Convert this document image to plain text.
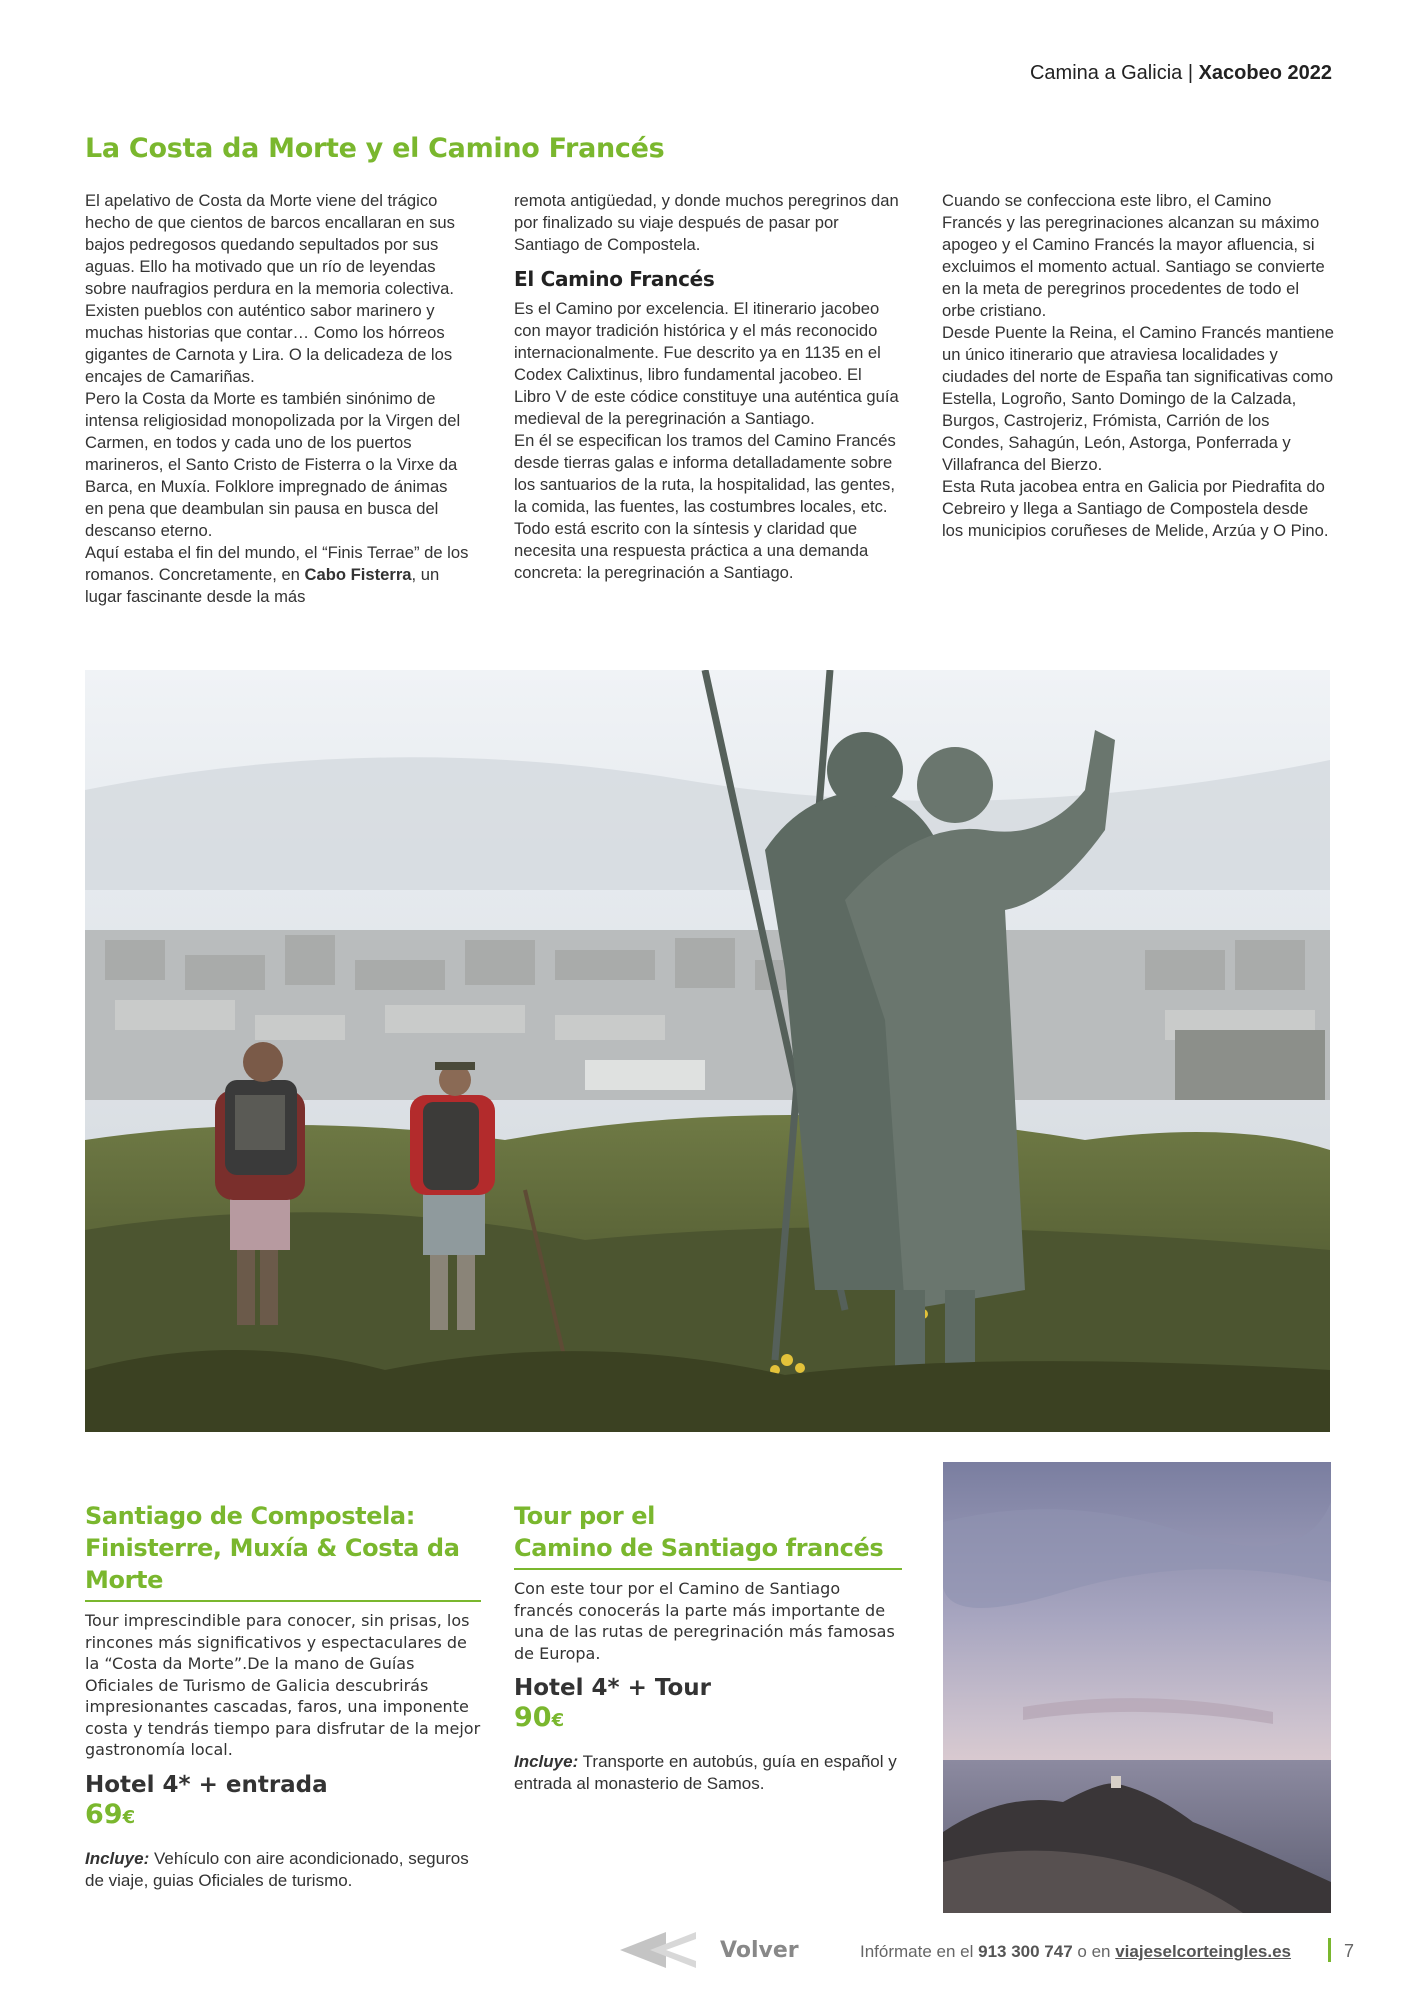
Camina a Galicia | Xacobeo 2022
La Costa da Morte y el Camino Francés

El apelativo de Costa da Morte viene del trágico hecho de que cientos de barcos encallaran en sus bajos pedregosos quedando sepultados por sus aguas. Ello ha motivado que un río de leyendas sobre naufragios perdura en la memoria colectiva.

Existen pueblos con auténtico sabor marinero y muchas historias que contar… Como los hórreos gigantes de Carnota y Lira. O la delicadeza de los encajes de Camariñas.

Pero la Costa da Morte es también sinónimo de intensa religiosidad monopolizada por la Virgen del Carmen, en todos y cada uno de los puertos marineros, el Santo Cristo de Fisterra o la Virxe da Barca, en Muxía. Folklore impregnado de ánimas en pena que deambulan sin pausa en busca del descanso eterno.

Aquí estaba el fin del mundo, el “Finis Terrae” de los romanos. Concretamente, en Cabo Fisterra, un lugar fascinante desde la más

remota antigüedad, y donde muchos peregrinos dan por finalizado su viaje después de pasar por Santiago de Compostela.

El Camino Francés

Es el Camino por excelencia. El itinerario jacobeo con mayor tradición histórica y el más reconocido internacionalmente. Fue descrito ya en 1135 en el Codex Calixtinus, libro fundamental jacobeo. El Libro V de este códice constituye una auténtica guía medieval de la peregrinación a Santiago.

En él se especifican los tramos del Camino Francés desde tierras galas e informa detalladamente sobre los santuarios de la ruta, la hospitalidad, las gentes, la comida, las fuentes, las costumbres locales, etc. Todo está escrito con la síntesis y claridad que necesita una respuesta práctica a una demanda concreta: la peregrinación a Santiago.

Cuando se confecciona este libro, el Camino Francés y las peregrinaciones alcanzan su máximo apogeo y el Camino Francés la mayor afluencia, si excluimos el momento actual. Santiago se convierte en la meta de peregrinos procedentes de todo el orbe cristiano.

Desde Puente la Reina, el Camino Francés mantiene un único itinerario que atraviesa localidades y ciudades del norte de España tan significativas como Estella, Logroño, Santo Domingo de la Calzada, Burgos, Castrojeriz, Frómista, Carrión de los Condes, Sahagún, León, Astorga, Ponferrada y Villafranca del Bierzo.

Esta Ruta jacobea entra en Galicia por Piedrafita do Cebreiro y llega a Santiago de Compostela desde los municipios coruñeses de Melide, Arzúa y O Pino.

Santiago de Compostela:
Finisterre, Muxía & Costa da Morte

Tour imprescindible para conocer, sin prisas, los rincones más significativos y espectaculares de la “Costa da Morte”.De la mano de Guías Oficiales de Turismo de Galicia descubrirás impresionantes cascadas, faros, una imponente costa y tendrás tiempo para disfrutar de la mejor gastronomía local.

Hotel 4* + entrada
69€

Incluye: Vehículo con aire acondicionado, seguros de viaje, guias Oficiales de turismo.

Tour por el
Camino de Santiago francés

Con este tour por el Camino de Santiago francés conocerás la parte más importante de una de las rutas de peregrinación más famosas de Europa.

Hotel 4* + Tour
90€

Incluye: Transporte en autobús, guía en español y entrada al monasterio de Samos.

Volver	Infórmate en el 913 300 747 o en viajeselcorteingles.es	7
